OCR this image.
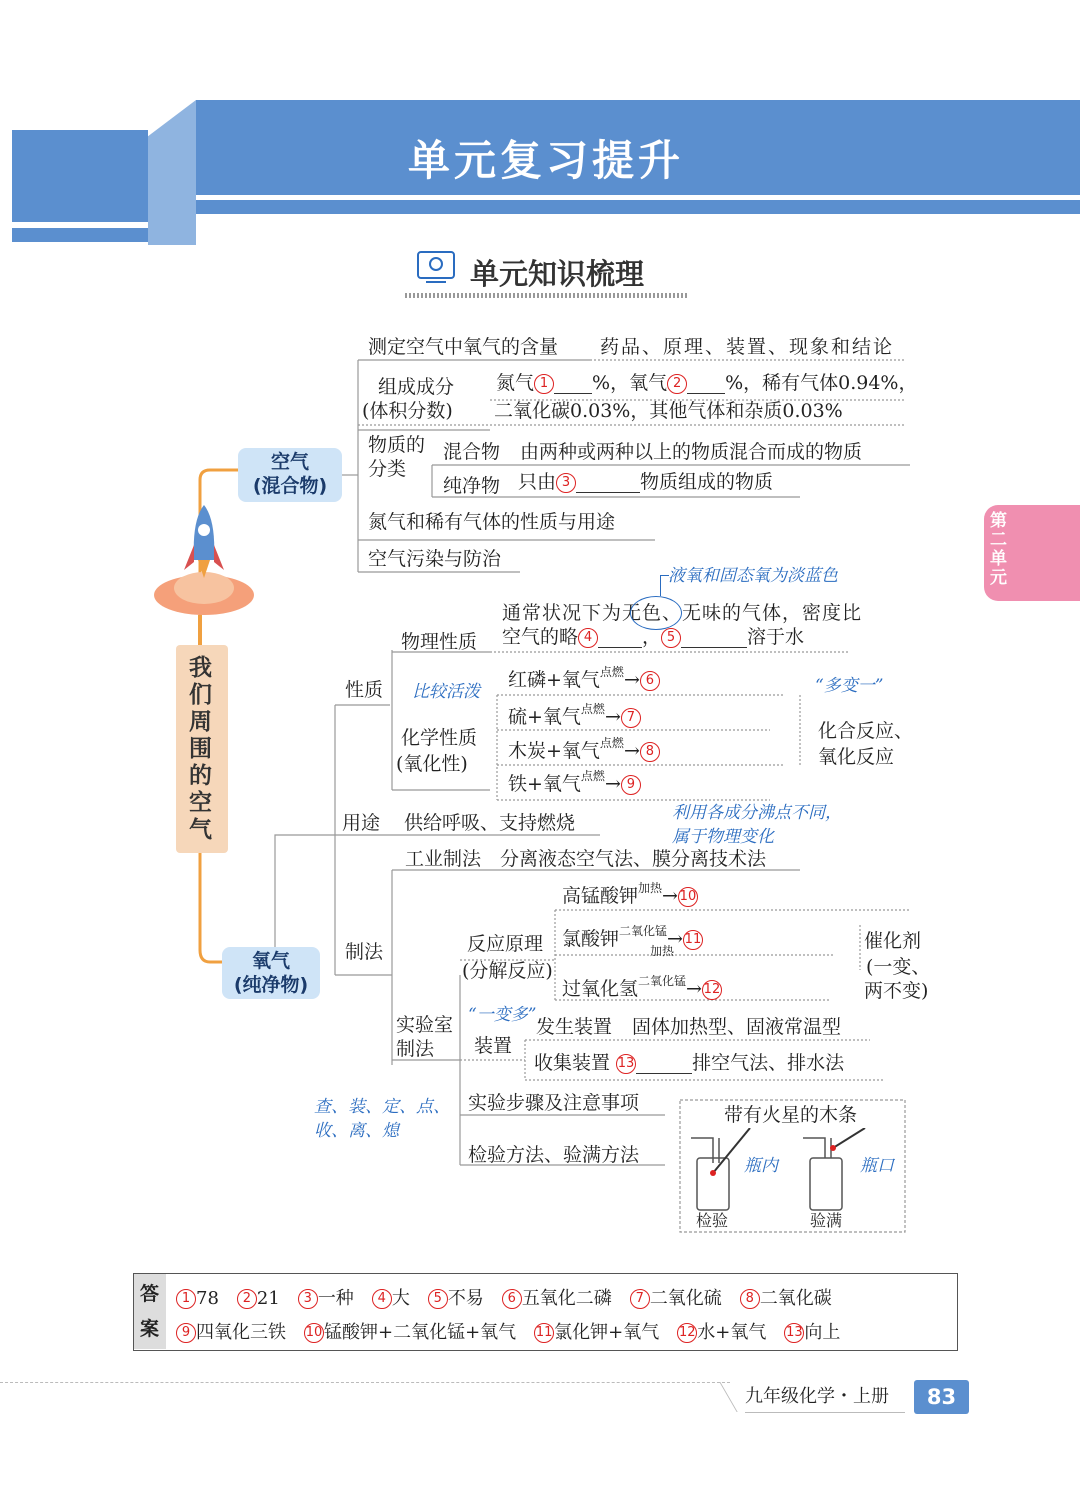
单元复习提升
单元知识梳理
第二单元
我们周围的空气
空气
(混合物)
氧气
(纯净物)
测定空气中氧气的含量 药品、原理、装置、现象和结论
组成成分
(体积分数)
氮气 1 %，氧气 2 %，稀有气体0.94%，
二氧化碳0.03%，其他气体和杂质0.03%
物质的
分类
混合物 由两种或两种以上的物质混合而成的物质
纯净物 只由 3	物质组成的物质
氮气和稀有气体的性质与用途
空气污染与防治
液氧和固态氧为淡蓝色
通常状况下为无色、无味的气体，密度比
空气的略 4	， 5	溶于水
物理性质
性质 比较活泼
化学性质
(氧化性)
红磷+氧气$^{点燃}$→ 6
硫+氧气$^{点燃}$→ 7
木炭+氧气$^{点燃}$→ 8
铁+氧气$^{点燃}$→ 9
“多变一”
化合反应、
氧化反应
用途 供给呼吸、支持燃烧	利用各成分沸点不同，
属于物理变化
工业制法 分离液态空气法、膜分离技术法
制法
高锰酸钾$^{加热}$→ 10
反应原理
(分解反应)
氯酸钾$^{二氧化锰}$→ 11
加热
过氧化氢$^{二氧化锰}$→ 12
催化剂
(一变、
两不变)
“一变多”
实验室
制法 装置
发生装置 固体加热型、固液常温型
收集装置 13	排空气法、排水法
实验步骤及注意事项
查、装、定、点、
收、离、熄
检验方法、验满方法
带有火星的木条
瓶内	瓶口
检验	验满
答
案
1 78 2 21 3 一种 4 大 5 不易 6 五氧化二磷 7 二氧化硫 8 二氧化碳
9 四氧化三铁 10锰酸钾+二氧化锰+氧气 11氯化钾+氧气 12水+氧气 13向上
九年级化学・上册	83
